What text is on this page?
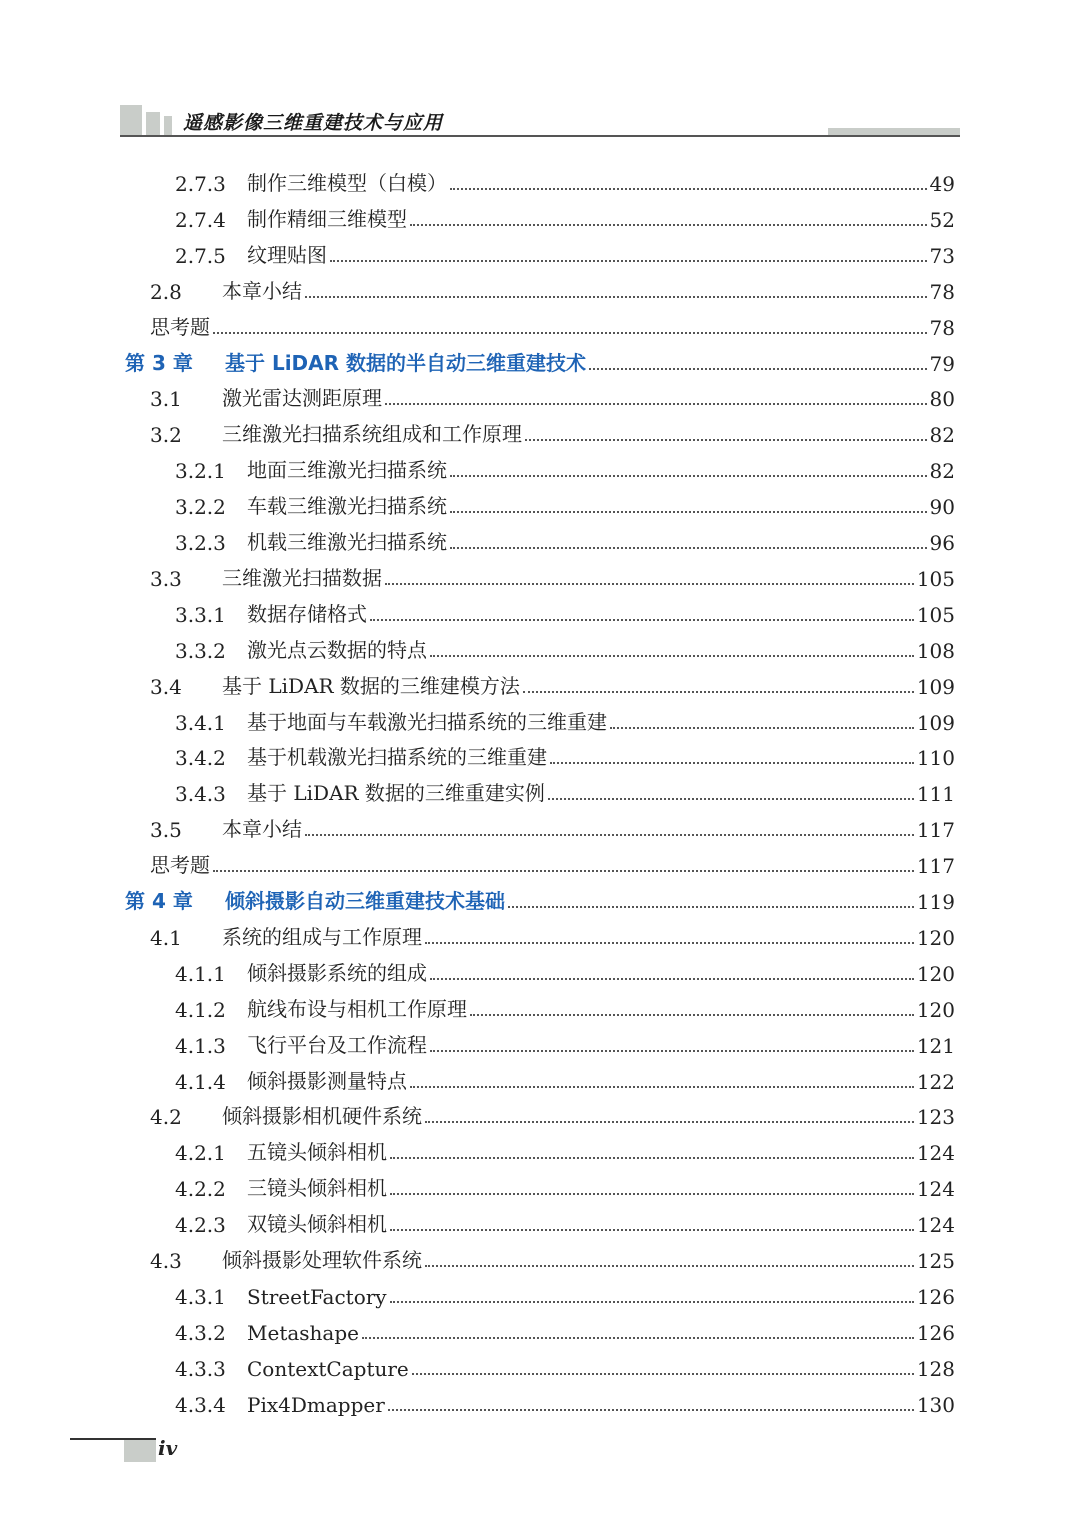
遥感影像三维重建技术与应用
2.7.3	制作三维模型（白模）	49
2.7.4	制作精细三维模型	52
2.7.5	纹理贴图	73
2.8	本章小结	78
思考题	78
第 3 章	基于 LiDAR 数据的半自动三维重建技术	79
3.1	激光雷达测距原理	80
3.2	三维激光扫描系统组成和工作原理	82
3.2.1	地面三维激光扫描系统	82
3.2.2	车载三维激光扫描系统	90
3.2.3	机载三维激光扫描系统	96
3.3	三维激光扫描数据	105
3.3.1	数据存储格式	105
3.3.2	激光点云数据的特点	108
3.4	基于 LiDAR 数据的三维建模方法	109
3.4.1	基于地面与车载激光扫描系统的三维重建	109
3.4.2	基于机载激光扫描系统的三维重建	110
3.4.3	基于 LiDAR 数据的三维重建实例	111
3.5	本章小结	117
思考题	117
第 4 章	倾斜摄影自动三维重建技术基础	119
4.1	系统的组成与工作原理	120
4.1.1	倾斜摄影系统的组成	120
4.1.2	航线布设与相机工作原理	120
4.1.3	飞行平台及工作流程	121
4.1.4	倾斜摄影测量特点	122
4.2	倾斜摄影相机硬件系统	123
4.2.1	五镜头倾斜相机	124
4.2.2	三镜头倾斜相机	124
4.2.3	双镜头倾斜相机	124
4.3	倾斜摄影处理软件系统	125
4.3.1	StreetFactory	126
4.3.2	Metashape	126
4.3.3	ContextCapture	128
4.3.4	Pix4Dmapper	130
iv
